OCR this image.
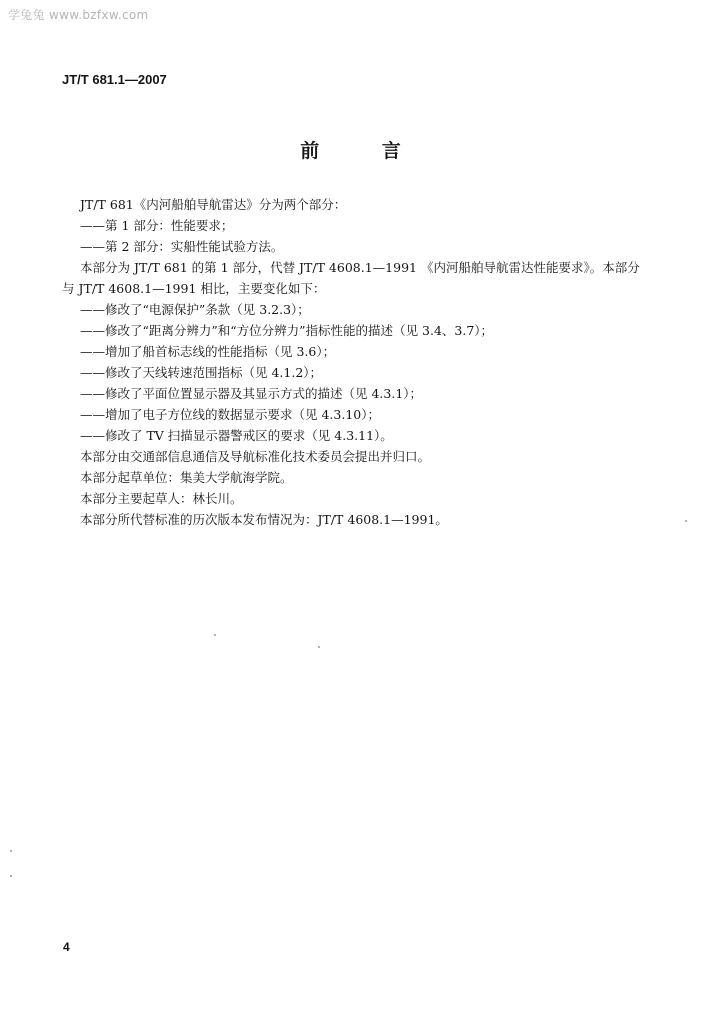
学兔兔 www.bzfxw.com
JT/T 681.1—2007
前 言
JT/T 681《内河船舶导航雷达》分为两个部分：
——第 1 部分：性能要求；
——第 2 部分：实船性能试验方法。
本部分为 JT/T 681 的第 1 部分，代替 JT/T 4608.1—1991 《内河船舶导航雷达性能要求》。本部分
与 JT/T 4608.1—1991 相比，主要变化如下：
——修改了“电源保护”条款（见 3.2.3）；
——修改了“距离分辨力”和“方位分辨力”指标性能的描述（见 3.4、3.7）；
——增加了船首标志线的性能指标（见 3.6）；
——修改了天线转速范围指标（见 4.1.2）；
——修改了平面位置显示器及其显示方式的描述（见 4.3.1）；
——增加了电子方位线的数据显示要求（见 4.3.10）；
——修改了 TV 扫描显示器警戒区的要求（见 4.3.11）。
本部分由交通部信息通信及导航标准化技术委员会提出并归口。
本部分起草单位：集美大学航海学院。
本部分主要起草人：林长川。
本部分所代替标准的历次版本发布情况为：JT/T 4608.1—1991。
4
